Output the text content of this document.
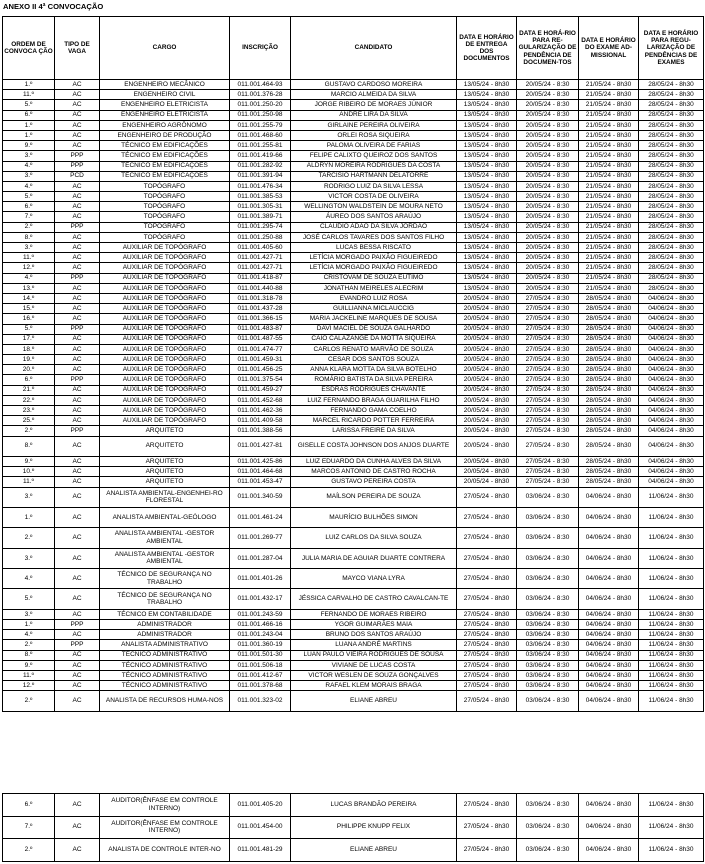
ANEXO II 4ª CONVOCAÇÃO
ORDEM DE CONVOCA ÇÃO	TIPO DE VAGA	CARGO	INSCRIÇÃO	CANDIDATO	DATA E HORÁRIO DE ENTREGA DOS DOCUMENTOS	DATA E HORÁ-RIO PARA RE-GULARIZAÇÃO DE PENDÊNCIA DE DOCUMEN-TOS	DATA E HORÁRIO DO EXAME AD-MISSIONAL	DATA E HORÁRIO PARA REGU-LARIZAÇÃO DE PENDÊNCIAS DE EXAMES
1.º	AC	ENGENHEIRO MECÂNICO	011.001.464-93	GUSTAVO CARDOSO MOREIRA	13/05/24 - 8h30	20/05/24 - 8:30	21/05/24 - 8h30	28/05/24 - 8h30
11.º	AC	ENGENHEIRO CIVIL	011.001.376-28	MARCIO ALMEIDA DA SILVA	13/05/24 - 8h30	20/05/24 - 8:30	21/05/24 - 8h30	28/05/24 - 8h30
5.º	AC	ENGENHEIRO ELETRICISTA	011.001.250-20	JORGE RIBEIRO DE MORAES JÚNIOR	13/05/24 - 8h30	20/05/24 - 8:30	21/05/24 - 8h30	28/05/24 - 8h30
6.º	AC	ENGENHEIRO ELETRICISTA	011.001.250-98	ANDRE LIRA DA SILVA	13/05/24 - 8h30	20/05/24 - 8:30	21/05/24 - 8h30	28/05/24 - 8h30
1.º	AC	ENGENHEIRO AGRÔNOMO	011.001.255-79	GIRLAINE PEREIRA OLIVEIRA	13/05/24 - 8h30	20/05/24 - 8:30	21/05/24 - 8h30	28/05/24 - 8h30
1.º	AC	ENGENHEIRO DE PRODUÇÃO	011.001.468-60	ORLEI ROSA SIQUEIRA	13/05/24 - 8h30	20/05/24 - 8:30	21/05/24 - 8h30	28/05/24 - 8h30
9.º	AC	TÉCNICO EM EDIFICAÇÕES	011.001.255-81	PALOMA OLIVEIRA DE FARIAS	13/05/24 - 8h30	20/05/24 - 8:30	21/05/24 - 8h30	28/05/24 - 8h30
3.º	PPP	TÉCNICO EM EDIFICAÇÕES	011.001.419-66	FELIPE CALIXTO QUEIROZ DOS SANTOS	13/05/24 - 8h30	20/05/24 - 8:30	21/05/24 - 8h30	28/05/24 - 8h30
4.º	PPP	TÉCNICO EM EDIFICAÇÕES	011.001.282-92	ALDRYN MOREIRA RODRIGUES DA COSTA	13/05/24 - 8h30	20/05/24 - 8:30	21/05/24 - 8h30	28/05/24 - 8h30
3.º	PCD	TÉCNICO EM EDIFICAÇÕES	011.001.391-94	TARCISIO HARTMANN DELATORRE	13/05/24 - 8h30	20/05/24 - 8:30	21/05/24 - 8h30	28/05/24 - 8h30
4.º	AC	TOPÓGRAFO	011.001.476-34	RODRIGO LUIZ DA SILVA LESSA	13/05/24 - 8h30	20/05/24 - 8:30	21/05/24 - 8h30	28/05/24 - 8h30
5.º	AC	TOPÓGRAFO	011.001.385-53	VICTOR COSTA DE OLIVEIRA	13/05/24 - 8h30	20/05/24 - 8:30	21/05/24 - 8h30	28/05/24 - 8h30
6.º	AC	TOPÓGRAFO	011.001.305-31	WELLINGTON WALDSTEIN DE MOURA NETO	13/05/24 - 8h30	20/05/24 - 8:30	21/05/24 - 8h30	28/05/24 - 8h30
7.º	AC	TOPÓGRAFO	011.001.389-71	ÁUREO DOS SANTOS ARAÚJO	13/05/24 - 8h30	20/05/24 - 8:30	21/05/24 - 8h30	28/05/24 - 8h30
2.º	PPP	TOPÓGRAFO	011.001.295-74	CLAUDIO ADAO DA SILVA JORDÃO	13/05/24 - 8h30	20/05/24 - 8:30	21/05/24 - 8h30	28/05/24 - 8h30
8.º	AC	TOPÓGRAFO	011.001.250-88	JOSÉ CARLOS TAVARES DOS SANTOS FILHO	13/05/24 - 8h30	20/05/24 - 8:30	21/05/24 - 8h30	28/05/24 - 8h30
3.º	AC	AUXILIAR DE TOPÓGRAFO	011.001.405-60	LUCAS BESSA RISCATO	13/05/24 - 8h30	20/05/24 - 8:30	21/05/24 - 8h30	28/05/24 - 8h30
11.º	AC	AUXILIAR DE TOPÓGRAFO	011.001.427-71	LETÍCIA MORGADO PAIXÃO FIGUEIREDO	13/05/24 - 8h30	20/05/24 - 8:30	21/05/24 - 8h30	28/05/24 - 8h30
12.º	AC	AUXILIAR DE TOPÓGRAFO	011.001.427-71	LETÍCIA MORGADO PAIXÃO FIGUEIREDO	13/05/24 - 8h30	20/05/24 - 8:30	21/05/24 - 8h30	28/05/24 - 8h30
4.º	PPP	AUXILIAR DE TOPÓGRAFO	011.001.418-87	CRISTOVAM DE SOUZA EUTIMO	13/05/24 - 8h30	20/05/24 - 8:30	21/05/24 - 8h30	28/05/24 - 8h30
13.º	AC	AUXILIAR DE TOPÓGRAFO	011.001.440-88	JONATHAN MEIRELES ALECRIM	13/05/24 - 8h30	20/05/24 - 8:30	21/05/24 - 8h30	28/05/24 - 8h30
14.º	AC	AUXILIAR DE TOPÓGRAFO	011.001.318-78	EVANDRO LUIZ ROSA	20/05/24 - 8h30	27/05/24 - 8:30	28/05/24 - 8h30	04/06/24 - 8h30
15.º	AC	AUXILIAR DE TOPÓGRAFO	011.001.437-28	GUILLIANNA MICLAUCCIG	20/05/24 - 8h30	27/05/24 - 8:30	28/05/24 - 8h30	04/06/24 - 8h30
16.º	AC	AUXILIAR DE TOPÓGRAFO	011.001.366-15	MARIA JACKELINE MARQUES DE SOUSA	20/05/24 - 8h30	27/05/24 - 8:30	28/05/24 - 8h30	04/06/24 - 8h30
5.º	PPP	AUXILIAR DE TOPÓGRAFO	011.001.483-87	DAVI MACIEL DE SOUZA GALHARDO	20/05/24 - 8h30	27/05/24 - 8:30	28/05/24 - 8h30	04/06/24 - 8h30
17.º	AC	AUXILIAR DE TOPÓGRAFO	011.001.487-55	CAIO CALAZANGE DA MOTTA SIQUEIRA	20/05/24 - 8h30	27/05/24 - 8:30	28/05/24 - 8h30	04/06/24 - 8h30
18.º	AC	AUXILIAR DE TOPÓGRAFO	011.001.474-77	CARLOS RENATO MARVÃO DE SOUZA	20/05/24 - 8h30	27/05/24 - 8:30	28/05/24 - 8h30	04/06/24 - 8h30
19.º	AC	AUXILIAR DE TOPÓGRAFO	011.001.459-31	CESAR DOS SANTOS SOUZA	20/05/24 - 8h30	27/05/24 - 8:30	28/05/24 - 8h30	04/06/24 - 8h30
20.º	AC	AUXILIAR DE TOPÓGRAFO	011.001.456-25	ANNA KLARA MOTTA DA SILVA BOTELHO	20/05/24 - 8h30	27/05/24 - 8:30	28/05/24 - 8h30	04/06/24 - 8h30
6.º	PPP	AUXILIAR DE TOPÓGRAFO	011.001.375-54	ROMÁRIO BATISTA DA SILVA PEREIRA	20/05/24 - 8h30	27/05/24 - 8:30	28/05/24 - 8h30	04/06/24 - 8h30
21.º	AC	AUXILIAR DE TOPÓGRAFO	011.001.459-27	ESDRAS RODRIGUES CHAVANTE	20/05/24 - 8h30	27/05/24 - 8:30	28/05/24 - 8h30	04/06/24 - 8h30
22.º	AC	AUXILIAR DE TOPÓGRAFO	011.001.452-68	LUIZ FERNANDO BRAGA GUARILHA FILHO	20/05/24 - 8h30	27/05/24 - 8:30	28/05/24 - 8h30	04/06/24 - 8h30
23.º	AC	AUXILIAR DE TOPÓGRAFO	011.001.462-36	FERNANDO GAMA COELHO	20/05/24 - 8h30	27/05/24 - 8:30	28/05/24 - 8h30	04/06/24 - 8h30
25.º	AC	AUXILIAR DE TOPÓGRAFO	011.001.409-58	MARCEL RICARDO POTTER FERREIRA	20/05/24 - 8h30	27/05/24 - 8:30	28/05/24 - 8h30	04/06/24 - 8h30
2.º	PPP	ARQUITETO	011.001.388-56	LARISSA FREIRE DA SILVA	20/05/24 - 8h30	27/05/24 - 8:30	28/05/24 - 8h30	04/06/24 - 8h30
8.º	AC	ARQUITETO	011.001.427-81	GISELLE COSTA JOHNSON DOS ANJOS DUARTE	20/05/24 - 8h30	27/05/24 - 8:30	28/05/24 - 8h30	04/06/24 - 8h30
9.º	AC	ARQUITETO	011.001.425-86	LUIZ EDUARDO DA CUNHA ALVES DA SILVA	20/05/24 - 8h30	27/05/24 - 8:30	28/05/24 - 8h30	04/06/24 - 8h30
10.º	AC	ARQUITETO	011.001.464-68	MARCOS ANTONIO DE CASTRO ROCHA	20/05/24 - 8h30	27/05/24 - 8:30	28/05/24 - 8h30	04/06/24 - 8h30
11.º	AC	ARQUITETO	011.001.453-47	GUSTAVO PEREIRA COSTA	20/05/24 - 8h30	27/05/24 - 8:30	28/05/24 - 8h30	04/06/24 - 8h30
3.º	AC	ANALISTA AMBIENTAL-ENGENHEI-RO FLORESTAL	011.001.340-59	MAÍLSON PEREIRA DE SOUZA	27/05/24 - 8h30	03/06/24 - 8:30	04/06/24 - 8h30	11/06/24 - 8h30
1.º	AC	ANALISTA AMBIENTAL-GEÓLOGO	011.001.461-24	MAURÍCIO BULHÕES SIMON	27/05/24 - 8h30	03/06/24 - 8:30	04/06/24 - 8h30	11/06/24 - 8h30
2.º	AC	ANALISTA AMBIENTAL -GESTOR AMBIENTAL	011.001.269-77	LUIZ CARLOS DA SILVA SOUZA	27/05/24 - 8h30	03/06/24 - 8:30	04/06/24 - 8h30	11/06/24 - 8h30
3.º	AC	ANALISTA AMBIENTAL -GESTOR AMBIENTAL	011.001.287-04	JULIA MARIA DE AGUIAR DUARTE CONTRERA	27/05/24 - 8h30	03/06/24 - 8:30	04/06/24 - 8h30	11/06/24 - 8h30
4.º	AC	TÉCNICO DE SEGURANÇA NO TRABALHO	011.001.401-26	MAYCO VIANA LYRA	27/05/24 - 8h30	03/06/24 - 8:30	04/06/24 - 8h30	11/06/24 - 8h30
5.º	AC	TÉCNICO DE SEGURANÇA NO TRABALHO	011.001.432-17	JÉSSICA CARVALHO DE CASTRO CAVALCAN-TE	27/05/24 - 8h30	03/06/24 - 8:30	04/06/24 - 8h30	11/06/24 - 8h30
3.º	AC	TÉCNICO EM CONTABILIDADE	011.001.243-59	FERNANDO DE MORAES RIBEIRO	27/05/24 - 8h30	03/06/24 - 8:30	04/06/24 - 8h30	11/06/24 - 8h30
1.º	PPP	ADMINISTRADOR	011.001.466-16	YGOR GUIMARÃES MAIA	27/05/24 - 8h30	03/06/24 - 8:30	04/06/24 - 8h30	11/06/24 - 8h30
4.º	AC	ADMINISTRADOR	011.001.243-04	BRUNO DOS SANTOS ARAÚJO	27/05/24 - 8h30	03/06/24 - 8:30	04/06/24 - 8h30	11/06/24 - 8h30
2.º	PPP	ANALISTA ADMINISTRATIVO	011.001.360-19	LUANA ANDRÉ MARTINS	27/05/24 - 8h30	03/06/24 - 8:30	04/06/24 - 8h30	11/06/24 - 8h30
8.º	AC	TÉCNICO ADMINISTRATIVO	011.001.501-30	LUAN PAULO VIEIRA RODRIGUES DE SOUSA	27/05/24 - 8h30	03/06/24 - 8:30	04/06/24 - 8h30	11/06/24 - 8h30
9.º	AC	TÉCNICO ADMINISTRATIVO	011.001.506-18	VIVIANE DE LUCAS COSTA	27/05/24 - 8h30	03/06/24 - 8:30	04/06/24 - 8h30	11/06/24 - 8h30
11.º	AC	TÉCNICO ADMINISTRATIVO	011.001.412-67	VICTOR WESLEN DE SOUZA GONÇALVES	27/05/24 - 8h30	03/06/24 - 8:30	04/06/24 - 8h30	11/06/24 - 8h30
12.º	AC	TÉCNICO ADMINISTRATIVO	011.001.378-68	RAFAEL KLEM MORAIS BRAGA	27/05/24 - 8h30	03/06/24 - 8:30	04/06/24 - 8h30	11/06/24 - 8h30
2.º	AC	ANALISTA DE RECURSOS HUMA-NOS	011.001.323-02	ELIANE ABREU	27/05/24 - 8h30	03/06/24 - 8:30	04/06/24 - 8h30	11/06/24 - 8h30
6.º	AC	AUDITOR(ÊNFASE EM CONTROLE INTERNO)	011.001.405-20	LUCAS BRANDÃO PEREIRA	27/05/24 - 8h30	03/06/24 - 8:30	04/06/24 - 8h30	11/06/24 - 8h30
7.º	AC	AUDITOR(ÊNFASE EM CONTROLE INTERNO)	011.001.454-00	PHILIPPE KNUPP FELIX	27/05/24 - 8h30	03/06/24 - 8:30	04/06/24 - 8h30	11/06/24 - 8h30
2.º	AC	ANALISTA DE CONTROLE INTER-NO	011.001.481-29	ELIANE ABREU	27/05/24 - 8h30	03/06/24 - 8:30	04/06/24 - 8h30	11/06/24 - 8h30
